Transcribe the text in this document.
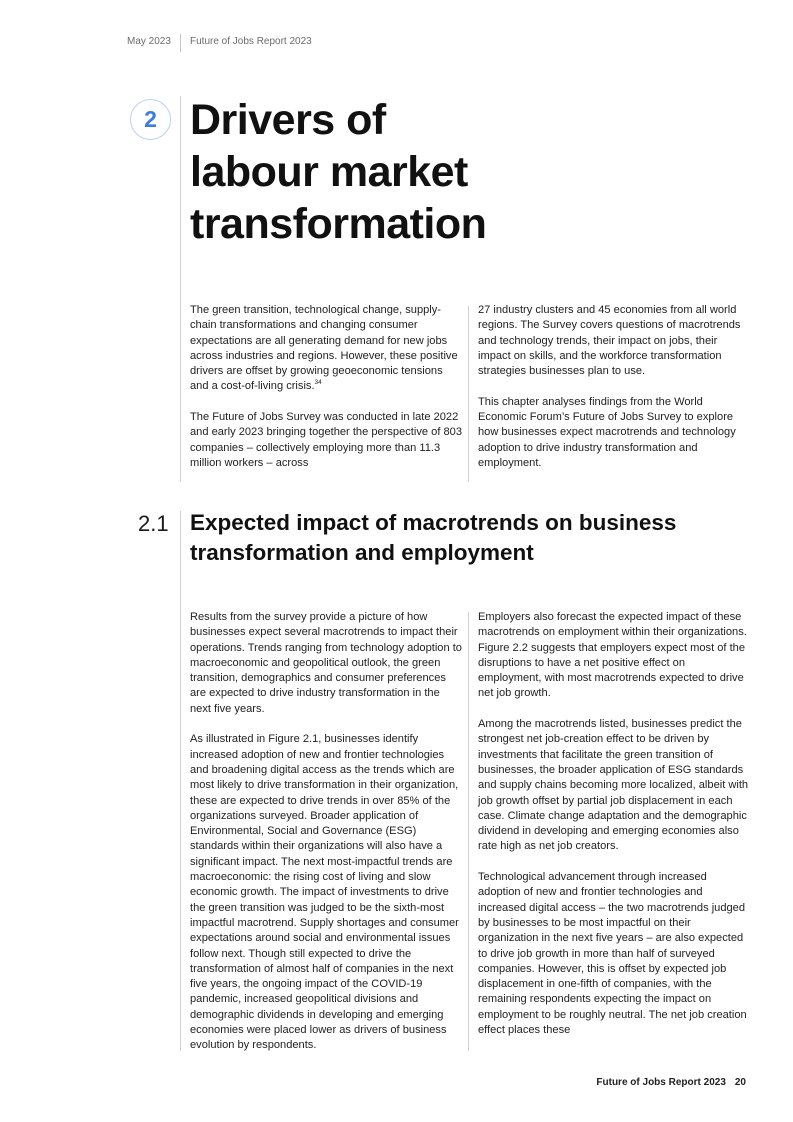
May 2023 Future of Jobs Report 2023
2 Drivers of
labour market
transformation

The green transition, technological change, supply-chain transformations and changing consumer expectations are all generating demand for new jobs across industries and regions. However, these positive drivers are offset by growing geoeconomic tensions and a cost-of-living crisis.$^{34}$

The Future of Jobs Survey was conducted in late 2022 and early 2023 bringing together the perspective of 803 companies – collectively employing more than 11.3 million workers – across

27 industry clusters and 45 economies from all world regions. The Survey covers questions of macrotrends and technology trends, their impact on jobs, their impact on skills, and the workforce transformation strategies businesses plan to use.

This chapter analyses findings from the World Economic Forum’s Future of Jobs Survey to explore how businesses expect macrotrends and technology adoption to drive industry transformation and employment.

2.1 Expected impact of macrotrends on business
transformation and employment

Results from the survey provide a picture of how businesses expect several macrotrends to impact their operations. Trends ranging from technology adoption to macroeconomic and geopolitical outlook, the green transition, demographics and consumer preferences are expected to drive industry transformation in the next five years.

As illustrated in Figure 2.1, businesses identify increased adoption of new and frontier technologies and broadening digital access as the trends which are most likely to drive transformation in their organization, these are expected to drive trends in over 85% of the organizations surveyed. Broader application of Environmental, Social and Governance (ESG) standards within their organizations will also have a significant impact. The next most-impactful trends are macroeconomic: the rising cost of living and slow economic growth. The impact of investments to drive the green transition was judged to be the sixth-most impactful macrotrend. Supply shortages and consumer expectations around social and environmental issues follow next. Though still expected to drive the transformation of almost half of companies in the next five years, the ongoing impact of the COVID-19 pandemic, increased geopolitical divisions and demographic dividends in developing and emerging economies were placed lower as drivers of business evolution by respondents.

Employers also forecast the expected impact of these macrotrends on employment within their organizations. Figure 2.2 suggests that employers expect most of the disruptions to have a net positive effect on employment, with most macrotrends expected to drive net job growth.

Among the macrotrends listed, businesses predict the strongest net job-creation effect to be driven by investments that facilitate the green transition of businesses, the broader application of ESG standards and supply chains becoming more localized, albeit with job growth offset by partial job displacement in each case. Climate change adaptation and the demographic dividend in developing and emerging economies also rate high as net job creators.

Technological advancement through increased adoption of new and frontier technologies and increased digital access – the two macrotrends judged by businesses to be most impactful on their organization in the next five years – are also expected to drive job growth in more than half of surveyed companies. However, this is offset by expected job displacement in one-fifth of companies, with the remaining respondents expecting the impact on employment to be roughly neutral. The net job creation effect places these

Future of Jobs Report 2023 20
